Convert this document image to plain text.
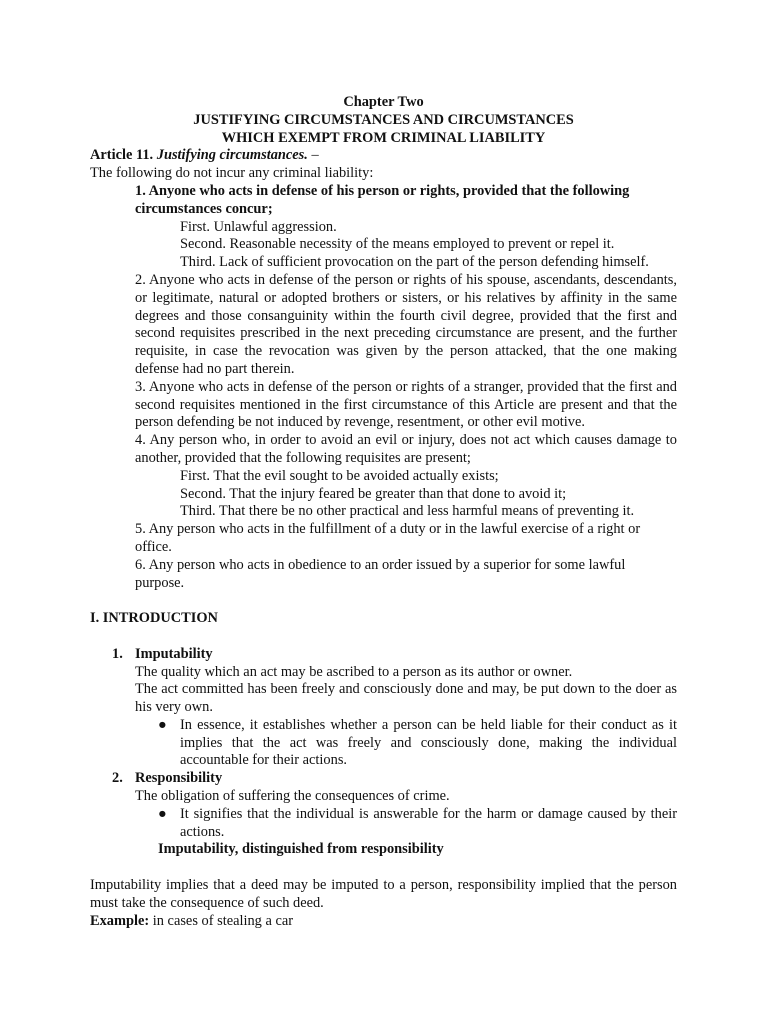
Chapter Two

JUSTIFYING CIRCUMSTANCES AND CIRCUMSTANCES

WHICH EXEMPT FROM CRIMINAL LIABILITY

Article 11. Justifying circumstances. –

The following do not incur any criminal liability:

1. Anyone who acts in defense of his person or rights, provided that the following circumstances concur;

First. Unlawful aggression.

Second. Reasonable necessity of the means employed to prevent or repel it.

Third. Lack of sufficient provocation on the part of the person defending himself.

2. Anyone who acts in defense of the person or rights of his spouse, ascendants, descendants, or legitimate, natural or adopted brothers or sisters, or his relatives by affinity in the same degrees and those consanguinity within the fourth civil degree, provided that the first and second requisites prescribed in the next preceding circumstance are present, and the further requisite, in case the revocation was given by the person attacked, that the one making defense had no part therein.

3. Anyone who acts in defense of the person or rights of a stranger, provided that the first and second requisites mentioned in the first circumstance of this Article are present and that the person defending be not induced by revenge, resentment, or other evil motive.

4. Any person who, in order to avoid an evil or injury, does not act which causes damage to another, provided that the following requisites are present;

First. That the evil sought to be avoided actually exists;

Second. That the injury feared be greater than that done to avoid it;

Third. That there be no other practical and less harmful means of preventing it.

5. Any person who acts in the fulfillment of a duty or in the lawful exercise of a right or office.

6. Any person who acts in obedience to an order issued by a superior for some lawful purpose.

I. INTRODUCTION

1. Imputability

The quality which an act may be ascribed to a person as its author or owner.

The act committed has been freely and consciously done and may, be put down to the doer as his very own.

● In essence, it establishes whether a person can be held liable for their conduct as it implies that the act was freely and consciously done, making the individual accountable for their actions.
2. Responsibility

The obligation of suffering the consequences of crime.

● It signifies that the individual is answerable for the harm or damage caused by their actions.

Imputability, distinguished from responsibility

Imputability implies that a deed may be imputed to a person, responsibility implied that the person must take the consequence of such deed.

Example: in cases of stealing a car
